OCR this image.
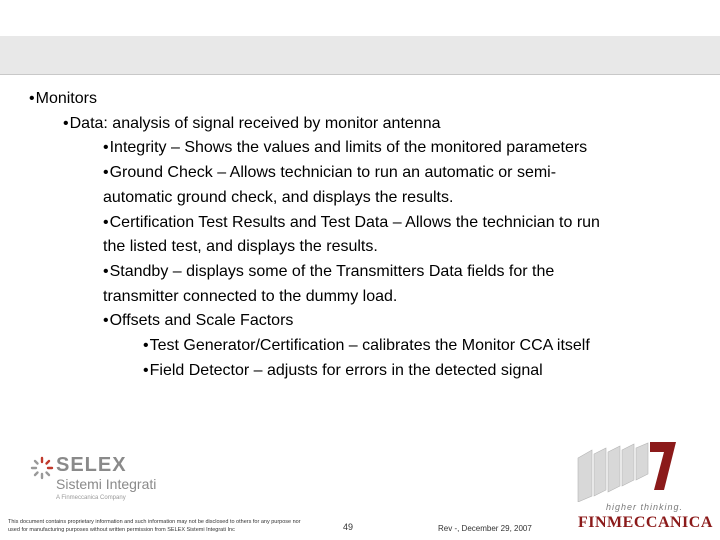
•Monitors
•Data: analysis of signal received by monitor antenna
•Integrity – Shows the values and limits of the monitored parameters
•Ground Check – Allows technician to run an automatic or semi-
automatic ground check, and displays the results.
•Certification Test Results and Test Data – Allows the technician to run
the listed test, and displays the results.
•Standby – displays some of the Transmitters Data fields for the
transmitter connected to the dummy load.
•Offsets and Scale Factors
•Test Generator/Certification – calibrates the Monitor CCA itself
•Field Detector – adjusts for errors in the detected signal
SELEX
Sistemi Integrati
A Finmeccanica Company
This document contains proprietary information and such information may not be disclosed to others for any purpose nor used for manufacturing purposes without written permission from SELEX Sistemi Integrati Inc	49	Rev -, December 29, 2007
higher thinking.
FINMECCANICA
